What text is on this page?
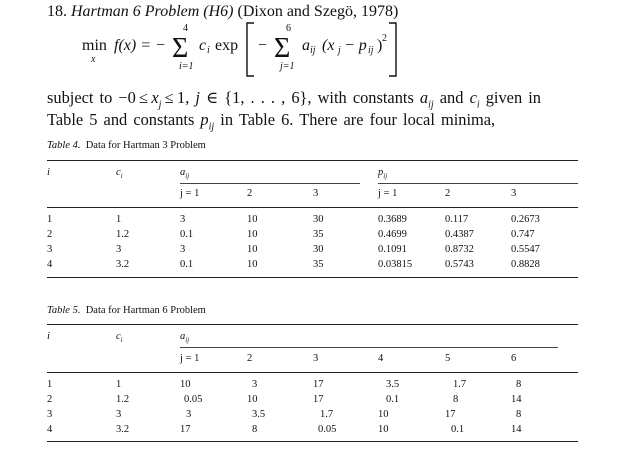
18. Hartman 6 Problem (H6) (Dixon and Szegö, 1978)
min
x
f(x) = −
4
Σ
i=1
c i exp −
6
Σ
j=1
a ij (x j − p ij ) 2
subject to $-0 \le x_j \le 1$, j ∈ {1, . . . , 6}, with constants $a_{ij}$ and $c_i$ given in
Table 5 and constants $p_{ij}$ in Table 6. There are four local minima,
Table 4. Data for Hartman 3 Problem
i	$c_i$	$a_{ij}$	$p_{ij}$
j = 1	2	3	j = 1	2	3
1	1	3	10	30	0.3689	0.117	0.2673
2	1.2	0.1	10	35	0.4699	0.4387	0.747
3	3	3	10	30	0.1091	0.8732	0.5547
4	3.2	0.1	10	35	0.03815	0.5743	0.8828
Table 5. Data for Hartman 6 Problem
i	$c_i$	$a_{ij}$
j = 1	2	3	4	5	6
1	1	10	3	17	3.5	1.7	8
2	1.2	0.05	10	17	0.1	8	14
3	3	3	3.5	1.7	10	17	8
4	3.2	17	8	0.05	10	0.1	14
